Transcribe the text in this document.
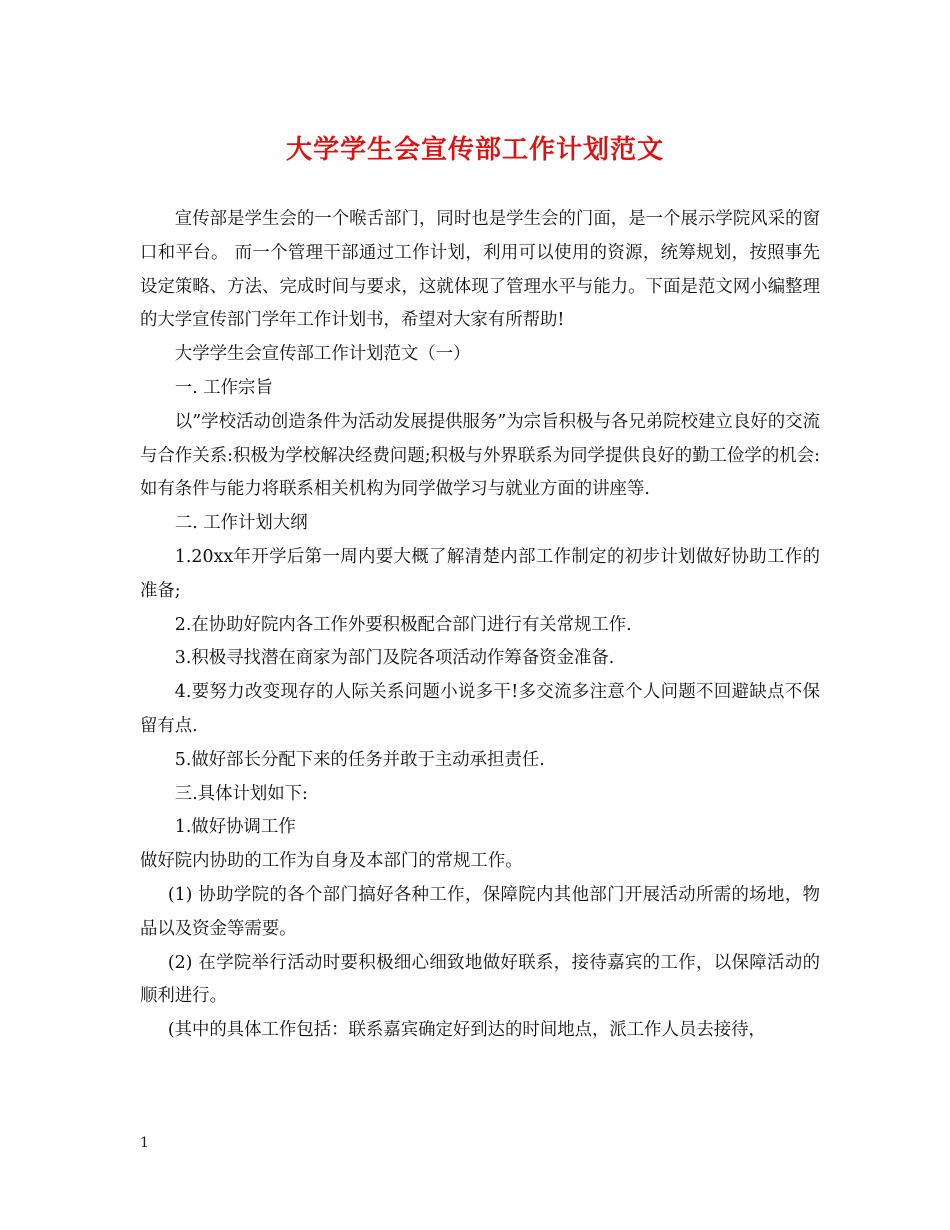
大学学生会宣传部工作计划范文

宣传部是学生会的一个喉舌部门，同时也是学生会的门面，是一个展示学院风采的窗口和平台。 而一个管理干部通过工作计划，利用可以使用的资源，统筹规划，按照事先设定策略、方法、完成时间与要求，这就体现了管理水平与能力。下面是范文网小编整理的大学宣传部门学年工作计划书，希望对大家有所帮助!

大学学生会宣传部工作计划范文（一）

一. 工作宗旨

以”学校活动创造条件为活动发展提供服务”为宗旨积极与各兄弟院校建立良好的交流与合作关系:积极为学校解决经费问题;积极与外界联系为同学提供良好的勤工俭学的机会:如有条件与能力将联系相关机构为同学做学习与就业方面的讲座等.

二. 工作计划大纲

1.20xx年开学后第一周内要大概了解清楚内部工作制定的初步计划做好协助工作的准备;

2.在协助好院内各工作外要积极配合部门进行有关常规工作.

3.积极寻找潜在商家为部门及院各项活动作筹备资金准备.

4.要努力改变现存的人际关系问题小说多干!多交流多注意个人问题不回避缺点不保留有点.

5.做好部长分配下来的任务并敢于主动承担责任.

三.具体计划如下:

1.做好协调工作

做好院内协助的工作为自身及本部门的常规工作。

(1) 协助学院的各个部门搞好各种工作，保障院内其他部门开展活动所需的场地，物品以及资金等需要。

(2) 在学院举行活动时要积极细心细致地做好联系，接待嘉宾的工作，以保障活动的顺利进行。

(其中的具体工作包括：联系嘉宾确定好到达的时间地点，派工作人员去接待，

1
